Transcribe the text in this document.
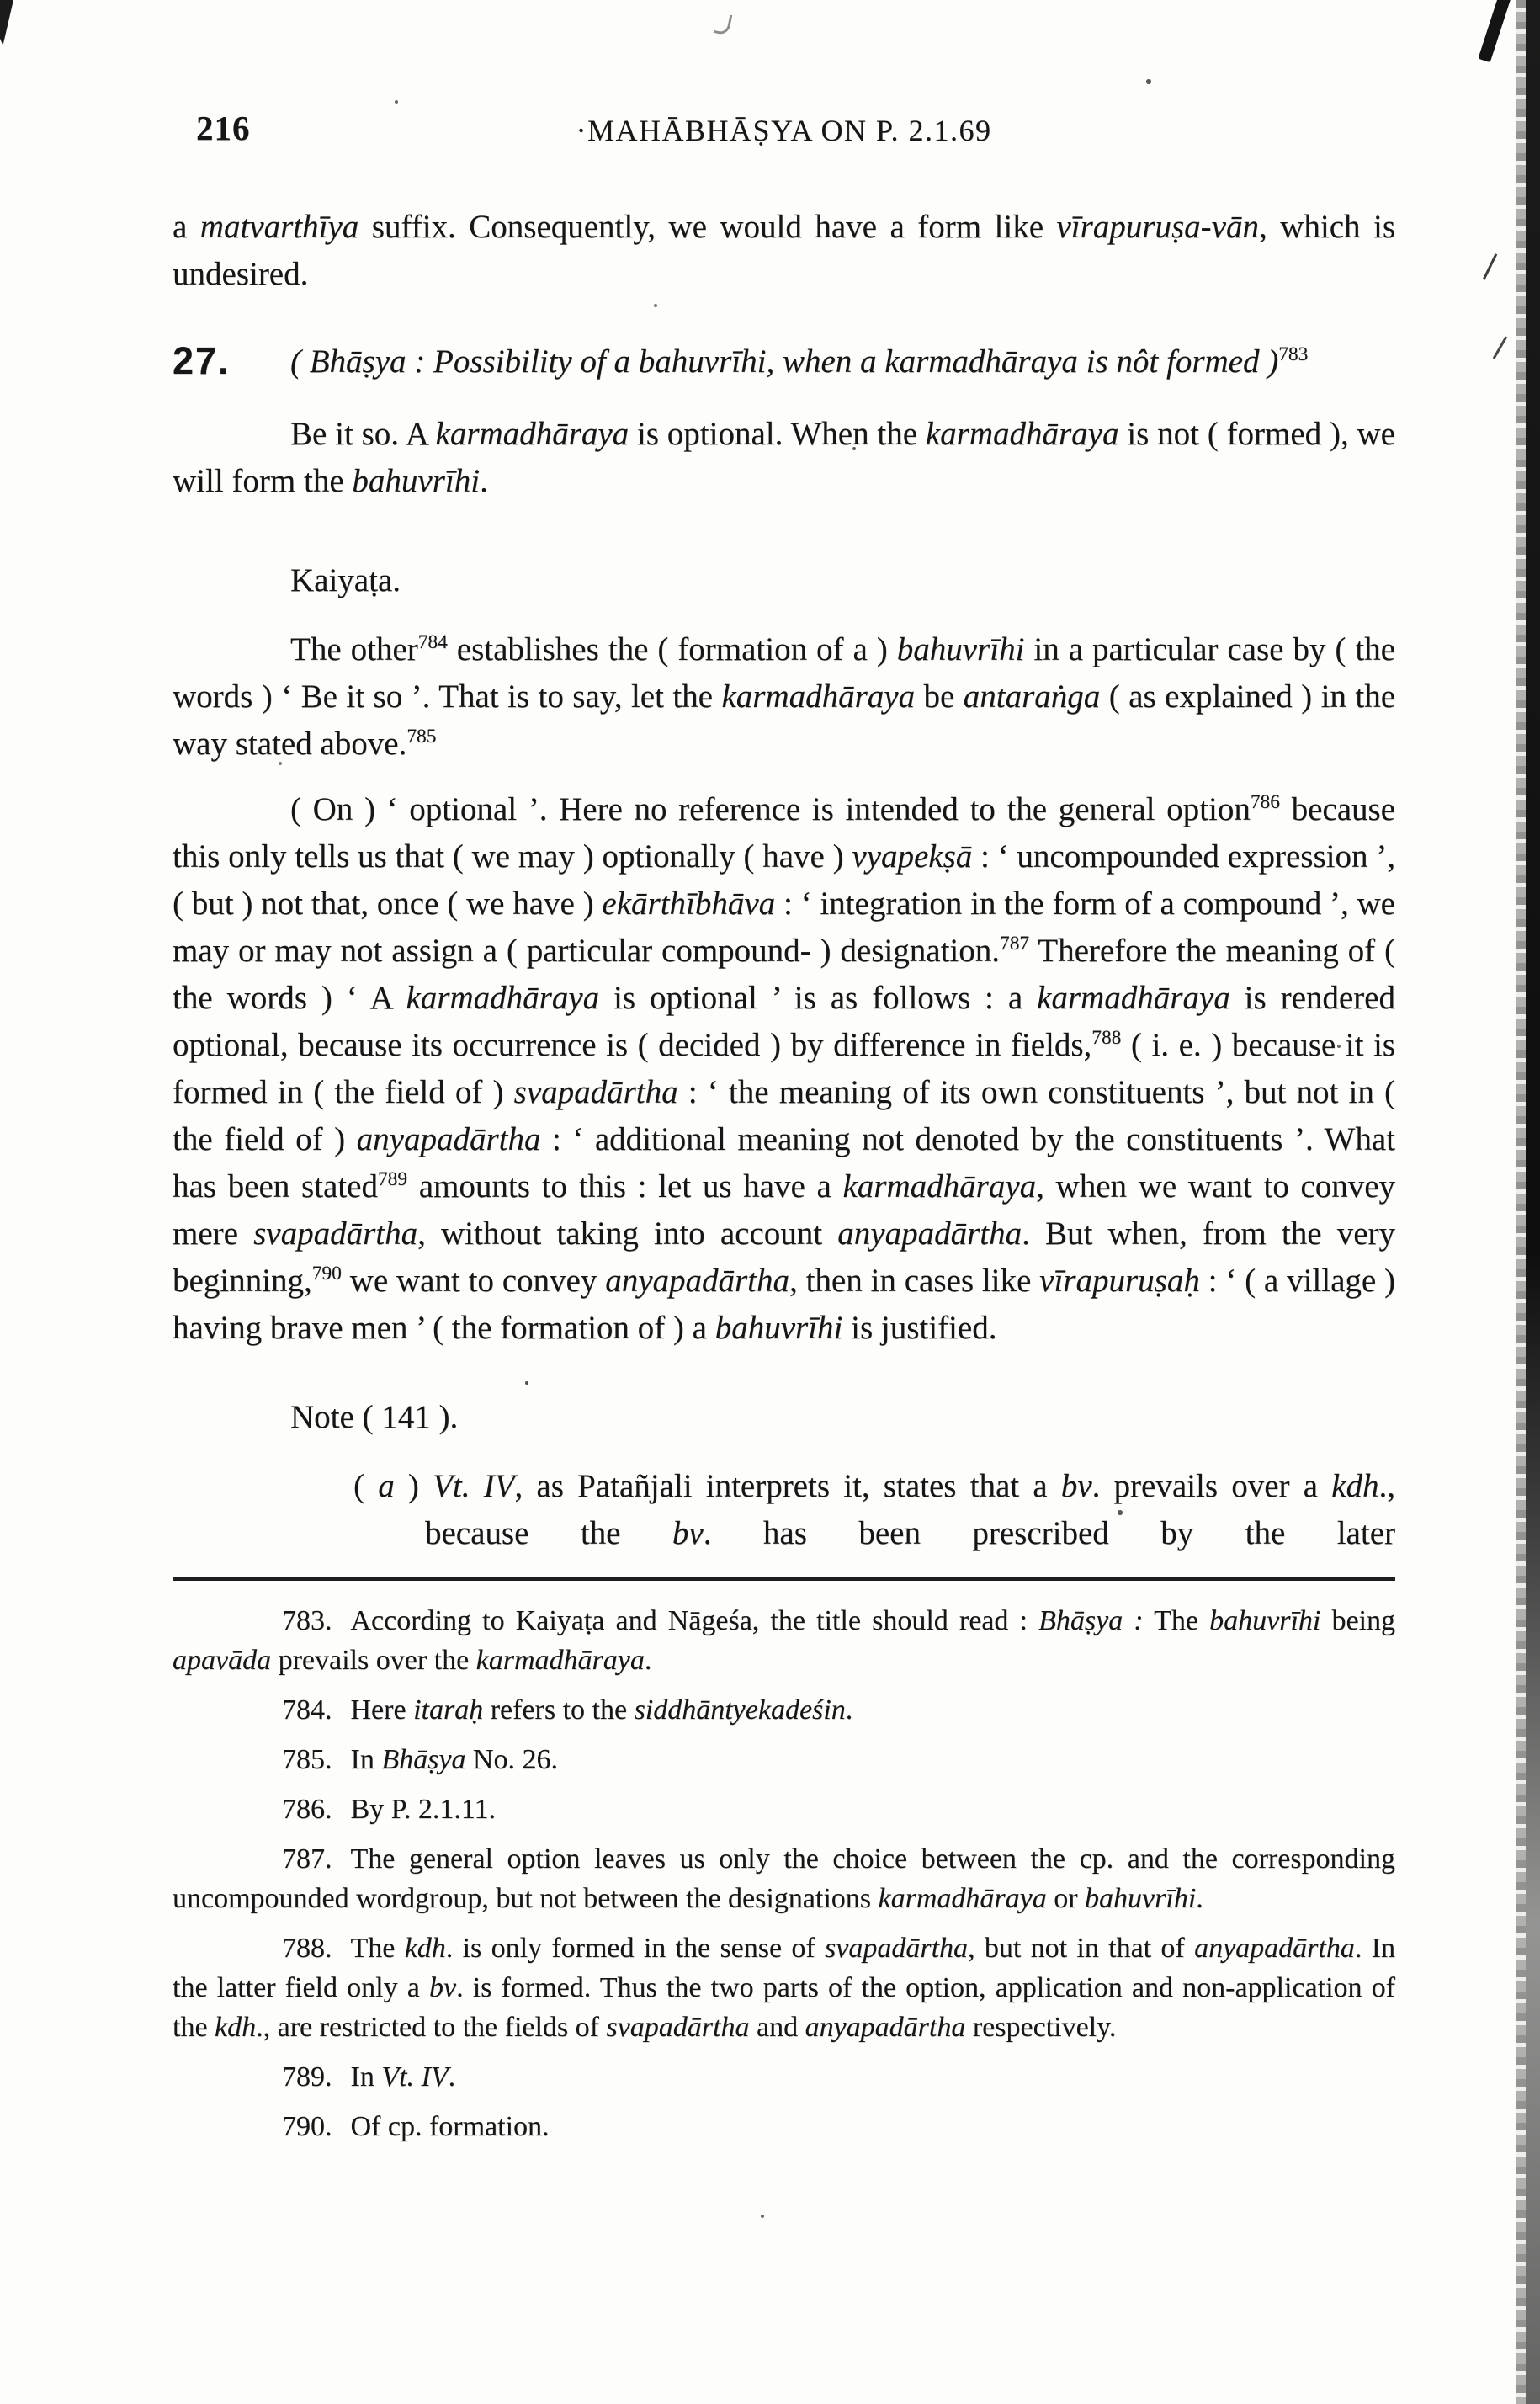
216	·MAHĀBHĀṢYA ON P. 2.1.69

a matvarthīya suffix. Consequently, we would have a form like vīrapuruṣa-vān, which is undesired.

27.	( Bhāṣya : Possibility of a bahuvrīhi, when a karmadhāraya is nôt formed )$^{783}$

Be it so. A karmadhāraya is optional. When the karmadhāraya is not ( formed ), we will form the bahuvrīhi.

Kaiyaṭa.

The other$^{784}$ establishes the ( formation of a ) bahuvrīhi in a particular case by ( the words ) ‘ Be it so ’. That is to say, let the karmadhāraya be antaraṅga ( as explained ) in the way stated above.$^{785}$

( On ) ‘ optional ’. Here no reference is intended to the general option$^{786}$ because this only tells us that ( we may ) optionally ( have ) vyapekṣā : ‘ uncompounded expression ’, ( but ) not that, once ( we have ) ekārthībhāva : ‘ integration in the form of a compound ’, we may or may not assign a ( particular compound- ) designation.$^{787}$ Therefore the meaning of ( the words ) ‘ A karmadhāraya is optional ’ is as follows : a karmadhāraya is rendered optional, because its occurrence is ( decided ) by difference in fields,$^{788}$ ( i. e. ) because it is formed in ( the field of ) svapadārtha : ‘ the meaning of its own constituents ’, but not in ( the field of ) anyapadārtha : ‘ additional meaning not denoted by the constituents ’. What has been stated$^{789}$ amounts to this : let us have a karmadhāraya, when we want to convey mere svapadārtha, without taking into account anyapadārtha. But when, from the very beginning,$^{790}$ we want to convey anyapadārtha, then in cases like vīrapuruṣaḥ : ‘ ( a village ) having brave men ’ ( the formation of ) a bahuvrīhi is justified.

Note ( 141 ).

( a ) Vt. IV, as Patañjali interprets it, states that a bv. prevails over a kdh., because the bv. has been prescribed by the later

783. According to Kaiyaṭa and Nāgeśa, the title should read : Bhāṣya : The bahuvrīhi being apavāda prevails over the karmadhāraya.

784. Here itaraḥ refers to the siddhāntyekadeśin.

785. In Bhāṣya No. 26.

786. By P. 2.1.11.

787. The general option leaves us only the choice between the cp. and the corresponding uncompounded wordgroup, but not between the designations karmadhāraya or bahuvrīhi.

788. The kdh. is only formed in the sense of svapadārtha, but not in that of anyapadārtha. In the latter field only a bv. is formed. Thus the two parts of the option, application and non-application of the kdh., are restricted to the fields of svapadārtha and anyapadārtha respectively.

789. In Vt. IV.

790. Of cp. formation.
